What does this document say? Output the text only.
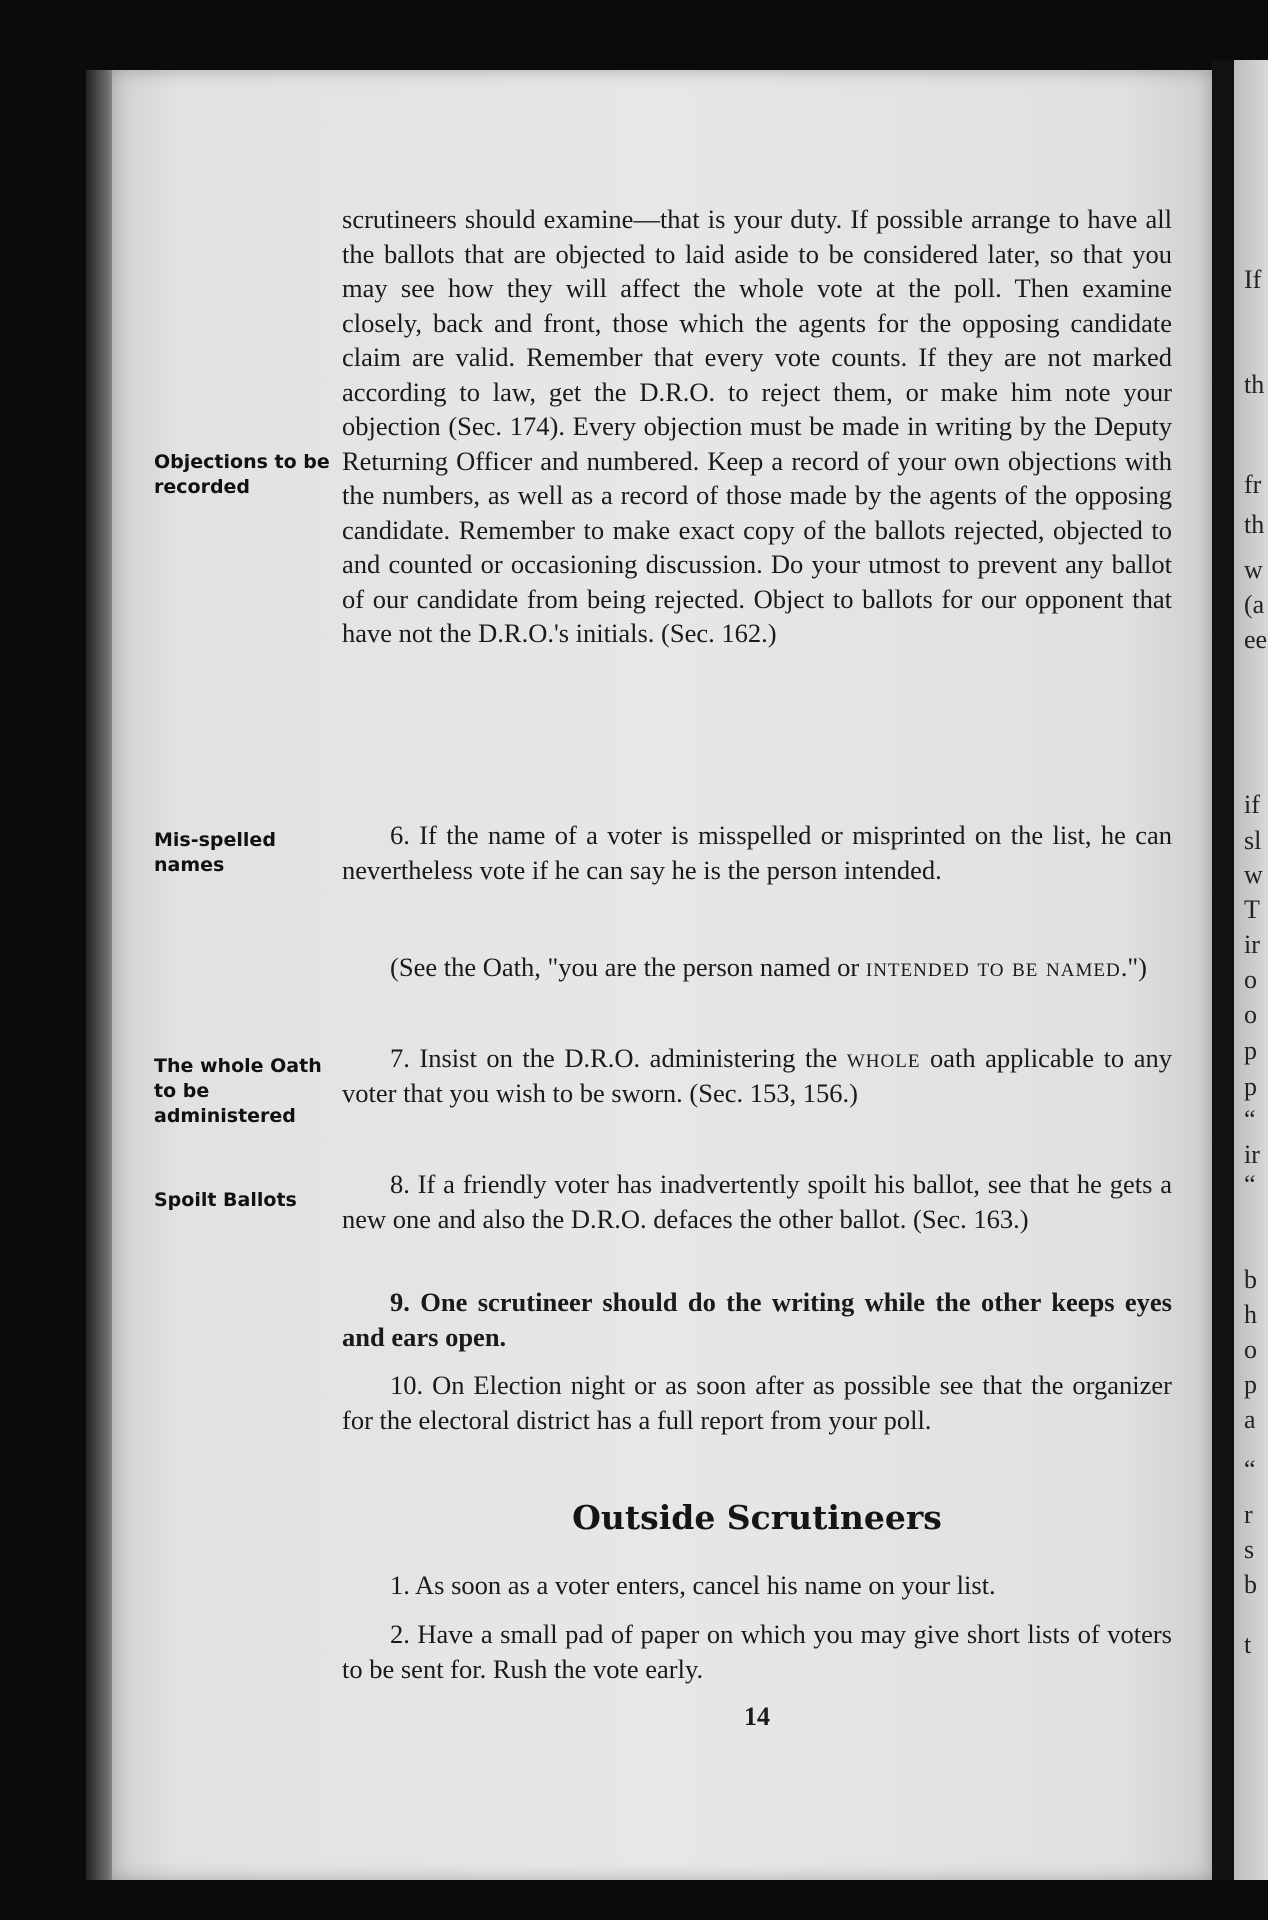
If
th
fr
th
w
(a
ee
if
sl
w
T
ir
o
o
p
p
“
ir
“
b
h
o
p
a
“
r
s
b
t
scrutineers should examine—that is your duty. If possible arrange to have all the ballots that are objected to laid aside to be considered later, so that you may see how they will affect the whole vote at the poll. Then examine closely, back and front, those which the agents for the opposing candidate claim are valid. Remember that every vote counts. If they are not marked according to law, get the D.R.O. to reject them, or make him note your objection (Sec. 174). Every objection must be made in writing by the Deputy Returning Officer and numbered. Keep a record of your own objections with the numbers, as well as a record of those made by the agents of the opposing candidate. Remember to make exact copy of the ballots rejected, objected to and counted or occasioning discussion. Do your utmost to prevent any ballot of our candidate from being rejected. Object to ballots for our opponent that have not the D.R.O.'s initials. (Sec. 162.)
Objections to be recorded
Mis-spelled names
The whole Oath to be administered
Spoilt Ballots
6. If the name of a voter is misspelled or misprinted on the list, he can nevertheless vote if he can say he is the person intended.
(See the Oath, "you are the person named or intended to be named.")
7. Insist on the D.R.O. administering the whole oath applicable to any voter that you wish to be sworn. (Sec. 153, 156.)
8. If a friendly voter has inadvertently spoilt his ballot, see that he gets a new one and also the D.R.O. defaces the other ballot. (Sec. 163.)
9. One scrutineer should do the writing while the other keeps eyes and ears open.
10. On Election night or as soon after as possible see that the organizer for the electoral district has a full report from your poll.
Outside Scrutineers
1. As soon as a voter enters, cancel his name on your list.
2. Have a small pad of paper on which you may give short lists of voters to be sent for. Rush the vote early.
14
